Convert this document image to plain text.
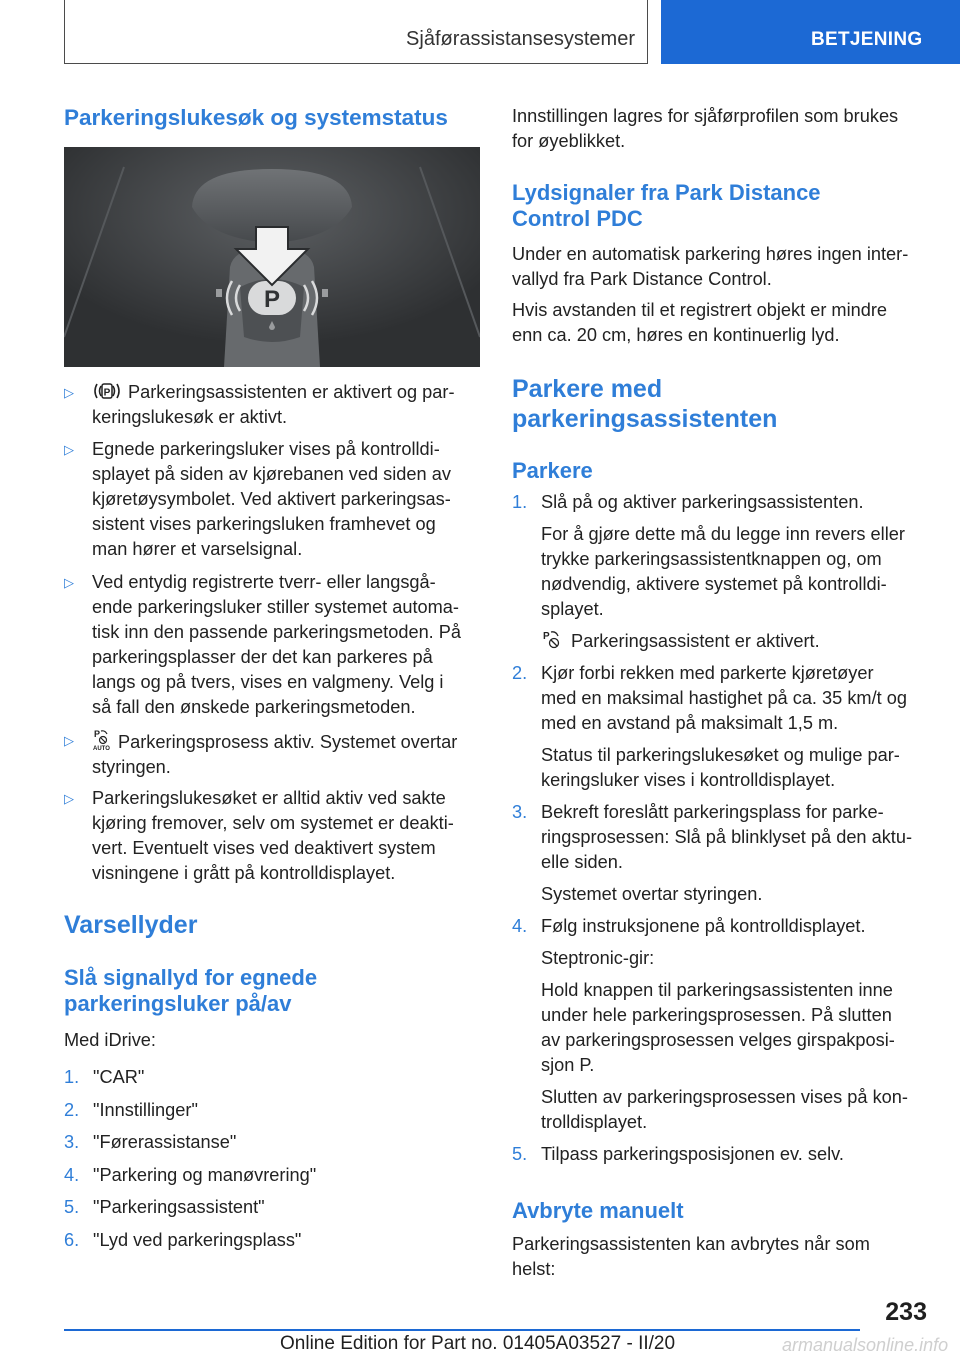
Sjåførassistansesystemer	BETJENING
Parkeringslukesøk og systemstatus
P
▷	P Parkeringsassistenten er aktivert og par-
keringslukesøk er aktivt.
▷ Egnede parkeringsluker vises på kontrolldi-
splayet på siden av kjørebanen ved siden av
kjøretøysymbolet. Ved aktivert parkeringsas-
sistent vises parkeringsluken framhevet og
man hører et varselsignal.
▷ Ved entydig registrerte tverr- eller langsgå-
ende parkeringsluker stiller systemet automa-
tisk inn den passende parkeringsmetoden. På
parkeringsplasser der det kan parkeres på
langs og på tvers, vises en valgmeny. Velg i
så fall den ønskede parkeringsmetoden.
▷ P
AUTO Parkeringsprosess aktiv. Systemet overtar
styringen.
▷ Parkeringslukesøket er alltid aktiv ved sakte
kjøring fremover, selv om systemet er deakti-
vert. Eventuelt vises ved deaktivert system
visningene i grått på kontrolldisplayet.
Varsellyder
Slå signallyd for egnede
parkeringsluker på/av
Med iDrive:
1. "CAR"
2. "Innstillinger"
3. "Førerassistanse"
4. "Parkering og manøvrering"
5. "Parkeringsassistent"
6. "Lyd ved parkeringsplass"
Innstillingen lagres for sjåførprofilen som brukes
for øyeblikket.
Lydsignaler fra Park Distance
Control PDC
Under en automatisk parkering høres ingen inter-
vallyd fra Park Distance Control.
Hvis avstanden til et registrert objekt er mindre
enn ca. 20 cm, høres en kontinuerlig lyd.
Parkere med
parkeringsassistenten
Parkere
1. Slå på og aktiver parkeringsassistenten.
For å gjøre dette må du legge inn revers eller
trykke parkeringsassistentknappen og, om
nødvendig, aktivere systemet på kontrolldi-
splayet.
P Parkeringsassistent er aktivert.
2. Kjør forbi rekken med parkerte kjøretøyer
med en maksimal hastighet på ca. 35 km/t og
med en avstand på maksimalt 1,5 m.
Status til parkeringslukesøket og mulige par-
keringsluker vises i kontrolldisplayet.
3. Bekreft foreslått parkeringsplass for parke-
ringsprosessen: Slå på blinklyset på den aktu-
elle siden.
Systemet overtar styringen.
4. Følg instruksjonene på kontrolldisplayet.
Steptronic-gir:
Hold knappen til parkeringsassistenten inne
under hele parkeringsprosessen. På slutten
av parkeringsprosessen velges girspakposi-
sjon P.
Slutten av parkeringsprosessen vises på kon-
trolldisplayet.
5. Tilpass parkeringsposisjonen ev. selv.
Avbryte manuelt
Parkeringsassistenten kan avbrytes når som
helst:
233
Online Edition for Part no. 01405A03527 - II/20	armanualsonline.info
